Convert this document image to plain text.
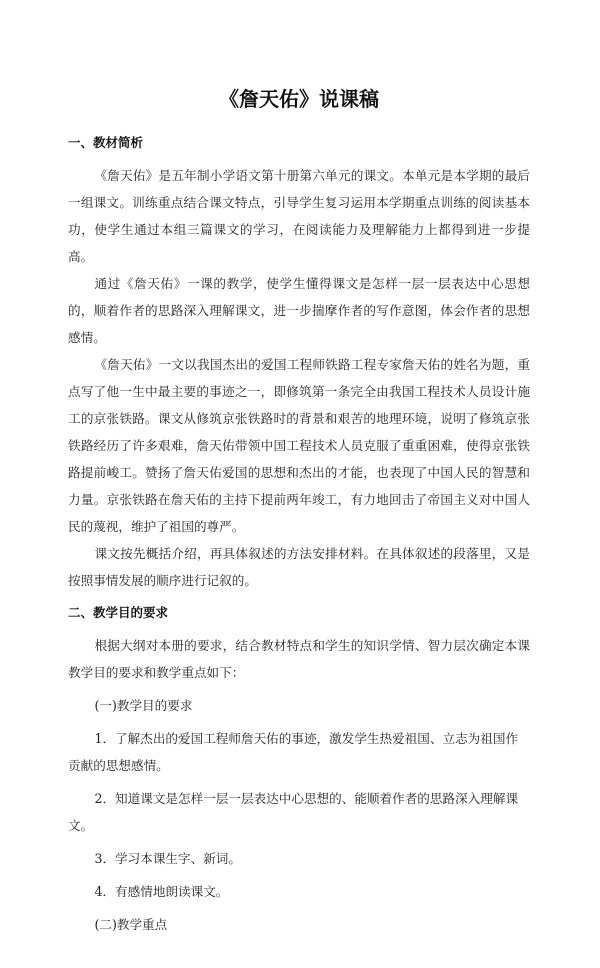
《詹天佑》说课稿
一、教材简析

《詹天佑》是五年制小学语文第十册第六单元的课文。本单元是本学期的最后一组课文。训练重点结合课文特点，引导学生复习运用本学期重点训练的阅读基本功，使学生通过本组三篇课文的学习，在阅读能力及理解能力上都得到进一步提高。

通过《詹天佑》一课的教学，使学生懂得课文是怎样一层一层表达中心思想的，顺着作者的思路深入理解课文，进一步揣摩作者的写作意图，体会作者的思想感情。

《詹天佑》一文以我国杰出的爱国工程师铁路工程专家詹天佑的姓名为题，重点写了他一生中最主要的事迹之一，即修筑第一条完全由我国工程技术人员设计施工的京张铁路。课文从修筑京张铁路时的背景和艰苦的地理环境，说明了修筑京张铁路经历了许多艰难，詹天佑带领中国工程技术人员克服了重重困难，使得京张铁路提前峻工。赞扬了詹天佑爱国的思想和杰出的才能，也表现了中国人民的智慧和力量。京张铁路在詹天佑的主持下提前两年竣工，有力地回击了帝国主义对中国人民的蔑视，维护了祖国的尊严。

课文按先概括介绍，再具体叙述的方法安排材料。在具体叙述的段落里，又是按照事情发展的顺序进行记叙的。

二、教学目的要求

根据大纲对本册的要求，结合教材特点和学生的知识学情、智力层次确定本课教学目的要求和教学重点如下：

(一)教学目的要求

1．了解杰出的爱国工程师詹天佑的事迹，激发学生热爱祖国、立志为祖国作贡献的思想感情。

2．知道课文是怎样一层一层表达中心思想的、能顺着作者的思路深入理解课文。

3．学习本课生字、新词。

4．有感情地朗读课文。

(二)教学重点
